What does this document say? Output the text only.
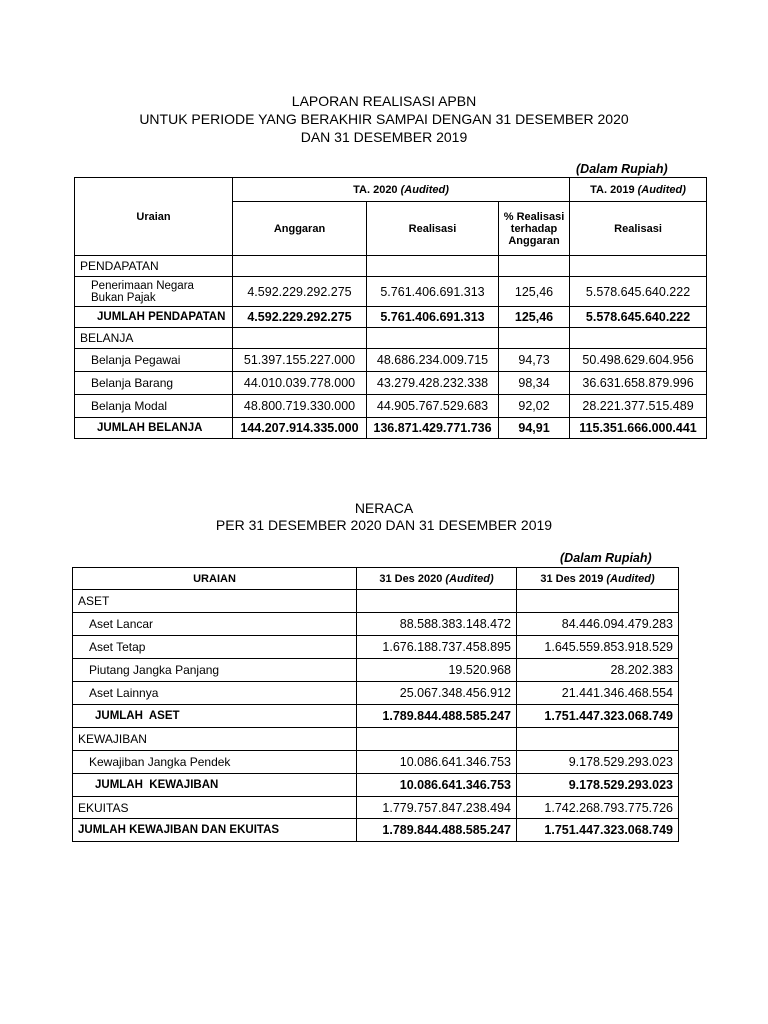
LAPORAN REALISASI APBN
UNTUK PERIODE YANG BERAKHIR SAMPAI DENGAN 31 DESEMBER 2020
DAN 31 DESEMBER 2019
(Dalam Rupiah)
Uraian	TA. 2020 (Audited)			TA. 2019 (Audited)
	Anggaran	Realisasi	% Realisasi terhadap Anggaran	Realisasi
PENDAPATAN				
Penerimaan Negara Bukan Pajak	4.592.229.292.275	5.761.406.691.313	125,46	5.578.645.640.222
JUMLAH PENDAPATAN	4.592.229.292.275	5.761.406.691.313	125,46	5.578.645.640.222
BELANJA				
Belanja Pegawai	51.397.155.227.000	48.686.234.009.715	94,73	50.498.629.604.956
Belanja Barang	44.010.039.778.000	43.279.428.232.338	98,34	36.631.658.879.996
Belanja Modal	48.800.719.330.000	44.905.767.529.683	92,02	28.221.377.515.489
JUMLAH BELANJA	144.207.914.335.000	136.871.429.771.736	94,91	115.351.666.000.441
NERACA
PER 31 DESEMBER 2020 DAN 31 DESEMBER 2019
(Dalam Rupiah)
URAIAN	31 Des 2020 (Audited)	31 Des 2019 (Audited)
ASET		
Aset Lancar	88.588.383.148.472	84.446.094.479.283
Aset Tetap	1.676.188.737.458.895	1.645.559.853.918.529
Piutang Jangka Panjang	19.520.968	28.202.383
Aset Lainnya	25.067.348.456.912	21.441.346.468.554
JUMLAH  ASET	1.789.844.488.585.247	1.751.447.323.068.749
KEWAJIBAN		
Kewajiban Jangka Pendek	10.086.641.346.753	9.178.529.293.023
JUMLAH  KEWAJIBAN	10.086.641.346.753	9.178.529.293.023
EKUITAS	1.779.757.847.238.494	1.742.268.793.775.726
JUMLAH KEWAJIBAN DAN EKUITAS	1.789.844.488.585.247	1.751.447.323.068.749
